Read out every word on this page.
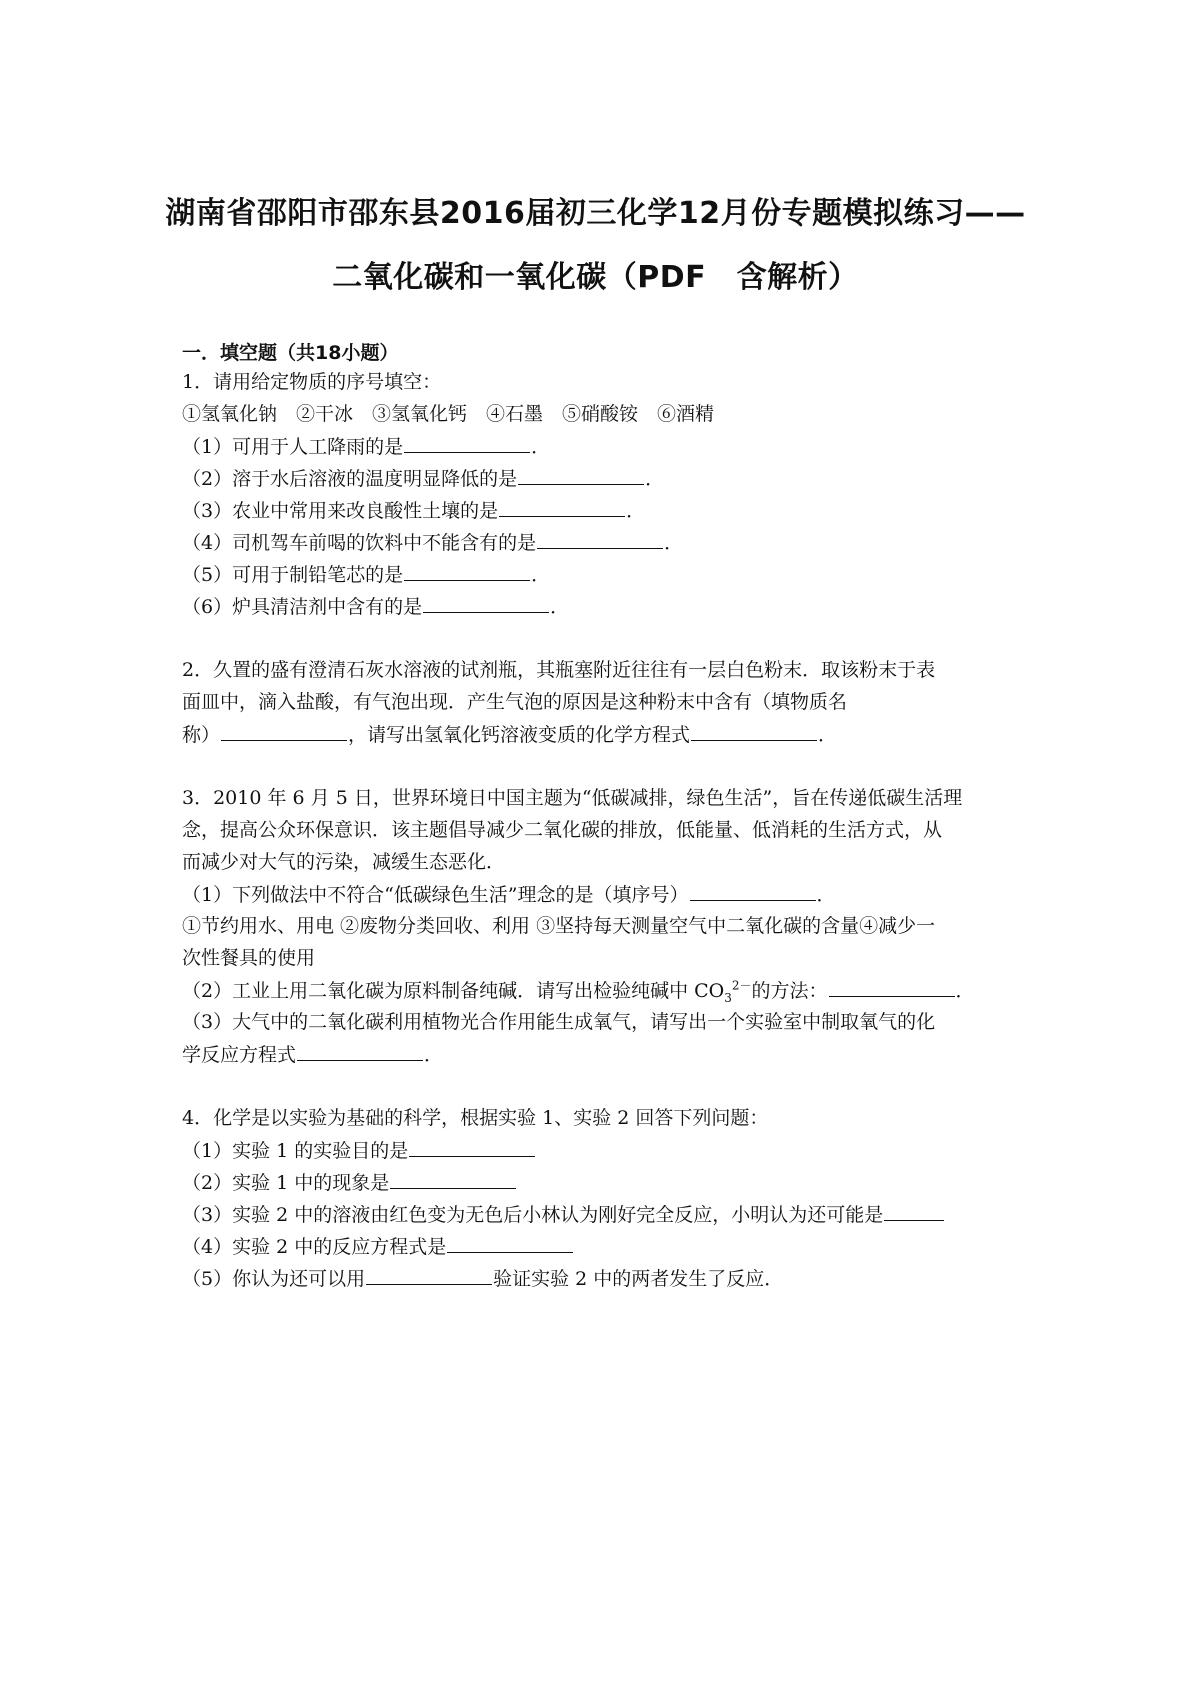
湖南省邵阳市邵东县2016届初三化学12月份专题模拟练习——
二氧化碳和一氧化碳（PDF　含解析）
一．填空题（共18小题）
1．请用给定物质的序号填空：
①氢氧化钠　②干冰　③氢氧化钙　④石墨　⑤硝酸铵　⑥酒精
（1）可用于人工降雨的是	．
（2）溶于水后溶液的温度明显降低的是	．
（3）农业中常用来改良酸性土壤的是	．
（4）司机驾车前喝的饮料中不能含有的是	．
（5）可用于制铅笔芯的是	．
（6）炉具清洁剂中含有的是	．
2．久置的盛有澄清石灰水溶液的试剂瓶，其瓶塞附近往往有一层白色粉末．取该粉末于表
面皿中，滴入盐酸，有气泡出现．产生气泡的原因是这种粉末中含有（填物质名
称）	，请写出氢氧化钙溶液变质的化学方程式	．
3．2010 年 6 月 5 日，世界环境日中国主题为“低碳减排，绿色生活”，旨在传递低碳生活理
念，提高公众环保意识．该主题倡导减少二氧化碳的排放，低能量、低消耗的生活方式，从
而减少对大气的污染，减缓生态恶化．
（1）下列做法中不符合“低碳绿色生活”理念的是（填序号）	．
①节约用水、用电 ②废物分类回收、利用 ③坚持每天测量空气中二氧化碳的含量④减少一
次性餐具的使用
（2）工业上用二氧化碳为原料制备纯碱．请写出检验纯碱中 $CO_3^{2-}$的方法：	．
（3）大气中的二氧化碳利用植物光合作用能生成氧气，请写出一个实验室中制取氧气的化
学反应方程式	．
4．化学是以实验为基础的科学，根据实验 1、实验 2 回答下列问题：
（1）实验 1 的实验目的是
（2）实验 1 中的现象是
（3）实验 2 中的溶液由红色变为无色后小林认为刚好完全反应，小明认为还可能是
（4）实验 2 中的反应方程式是
（5）你认为还可以用	验证实验 2 中的两者发生了反应．
